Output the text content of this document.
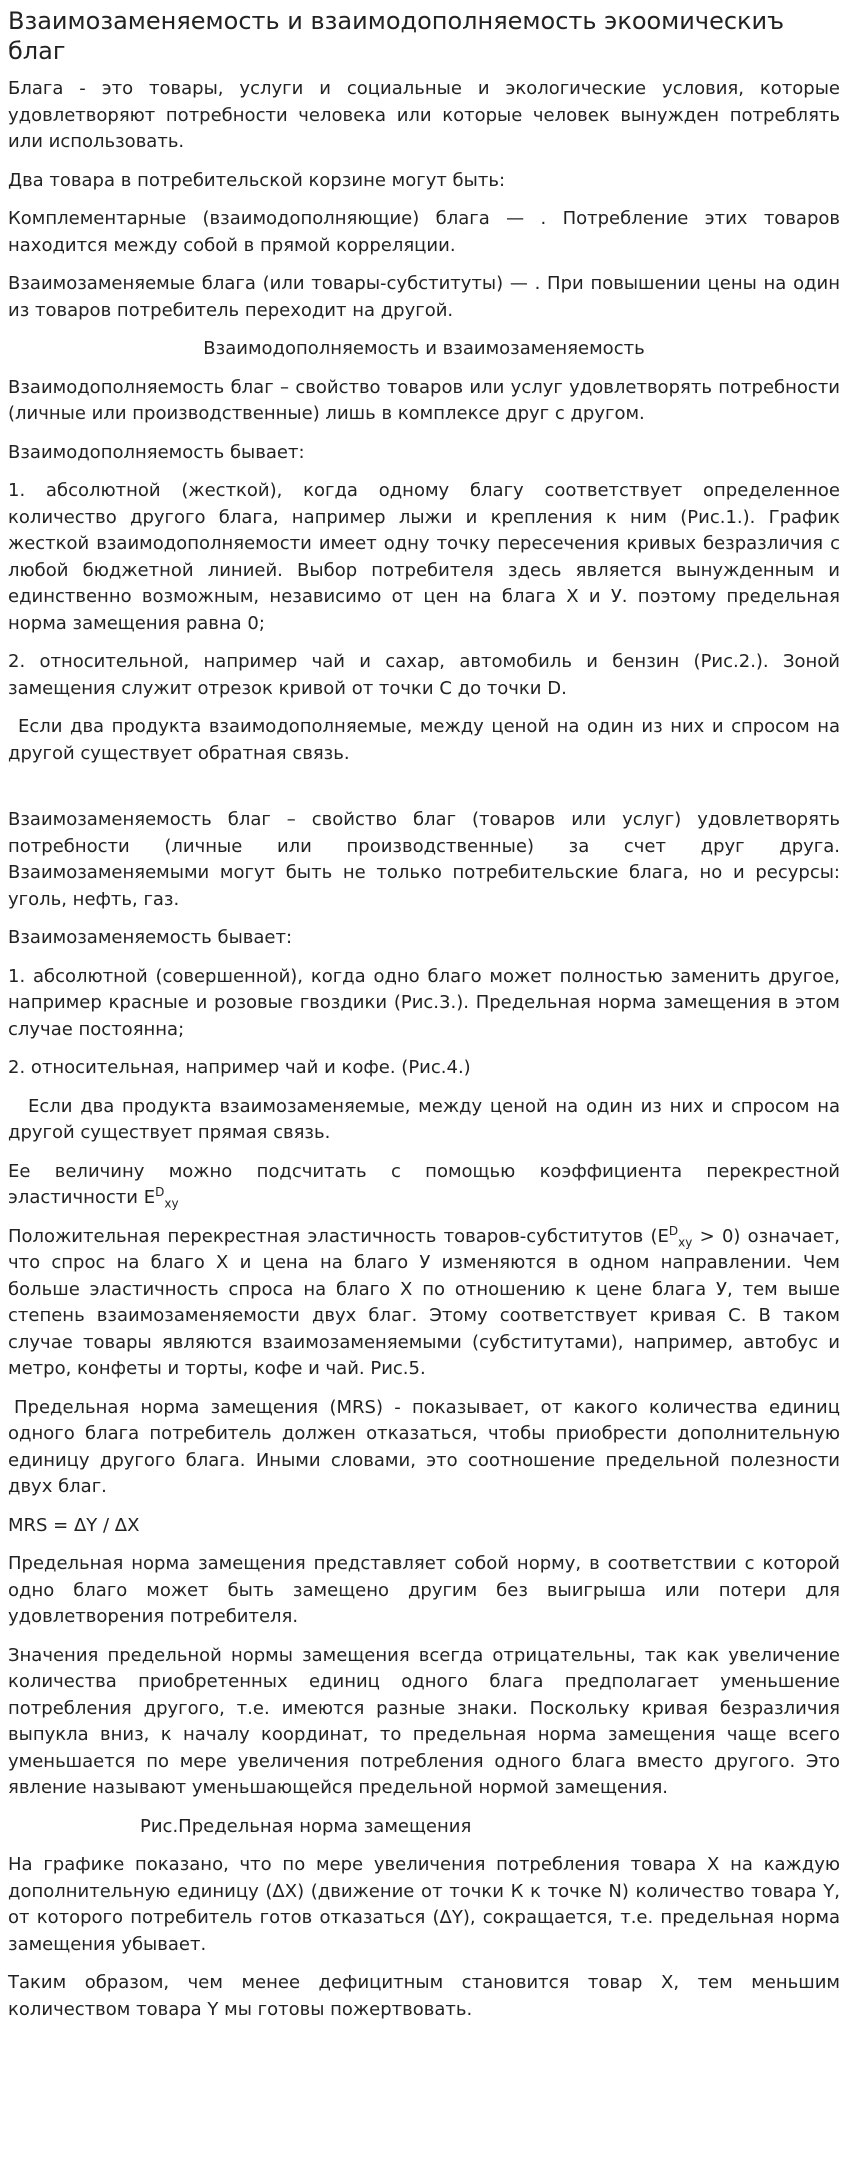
Взаимозаменяемость и взаимодополняемость экоомическиъ благ

Блага - это товары, услуги и социальные и экологические условия, которые удовлетворяют потребности человека или которые человек вынужден потреблять или использовать.

Два товара в потребительской корзине могут быть:

Комплементарные (взаимодополняющие) блага — . Потребление этих товаров находится между собой в прямой корреляции.

Взаимозаменяемые блага (или товары-субституты) — . При повышении цены на один из товаров потребитель переходит на другой.

Взаимодополняемость и взаимозаменяемость

Взаимодополняемость благ – свойство товаров или услуг удовлетворять потребности (личные или производственные) лишь в комплексе друг с другом.

Взаимодополняемость бывает:

1. абсолютной (жесткой), когда одному благу соответствует определенное количество другого блага, например лыжи и крепления к ним (Рис.1.). График жесткой взаимодополняемости имеет одну точку пересечения кривых безразличия с любой бюджетной линией. Выбор потребителя здесь является вынужденным и единственно возможным, независимо от цен на блага X и У. поэтому предельная норма замещения равна 0;

2. относительной, например чай и сахар, автомобиль и бензин (Рис.2.). Зоной замещения служит отрезок кривой от точки С до точки D.

Если два продукта взаимодополняемые, между ценой на один из них и спросом на другой существует обратная связь.

Взаимозаменяемость благ – свойство благ (товаров или услуг) удовлетворять потребности (личные или производственные) за счет друг друга. Взаимозаменяемыми могут быть не только потребительские блага, но и ресурсы: уголь, нефть, газ.

Взаимозаменяемость бывает:

1. абсолютной (совершенной), когда одно благо может полностью заменить другое, например красные и розовые гвоздики (Рис.3.). Предельная норма замещения в этом случае постоянна;

2. относительная, например чай и кофе. (Рис.4.)

Если два продукта взаимозаменяемые, между ценой на один из них и спросом на другой существует прямая связь.

Ее величину можно подсчитать с помощью коэффициента перекрестной эластичности $E^D_{xy}$

Положительная перекрестная эластичность товаров-субститутов $(E^D_{xy} > 0)$ означает, что спрос на благо X и цена на благо У изменяются в одном направлении. Чем больше эластичность спроса на благо X по отношению к цене блага У, тем выше степень взаимозаменяемости двух благ. Этому соответствует кривая С. В таком случае товары являются взаимозаменяемыми (субститутами), например, автобус и метро, конфеты и торты, кофе и чай. Рис.5.

Предельная норма замещения (MRS) - показывает, от какого количества единиц одного блага потребитель должен отказаться, чтобы приобрести дополнительную единицу другого блага. Иными словами, это соотношение предельной полезности двух благ.

MRS = ΔY / ΔX

Предельная норма замещения представляет собой норму, в соответствии с которой одно благо может быть замещено другим без выигрыша или потери для удовлетворения потребителя.

Значения предельной нормы замещения всегда отрицательны, так как увеличение количества приобретенных единиц одного блага предполагает уменьшение потребления другого, т.е. имеются разные знаки. Поскольку кривая безразличия выпукла вниз, к началу координат, то предельная норма замещения чаще всего уменьшается по мере увеличения потребления одного блага вместо другого. Это явление называют уменьшающейся предельной нормой замещения.

Рис.Предельная норма замещения

На графике показано, что по мере увеличения потребления товара X на каждую дополнительную единицу (ΔX) (движение от точки К к точке N) количество товара Y, от которого потребитель готов отказаться (ΔY), сокращается, т.е. предельная норма замещения убывает.

Таким образом, чем менее дефицитным становится товар X, тем меньшим количеством товара Y мы готовы пожертвовать.
